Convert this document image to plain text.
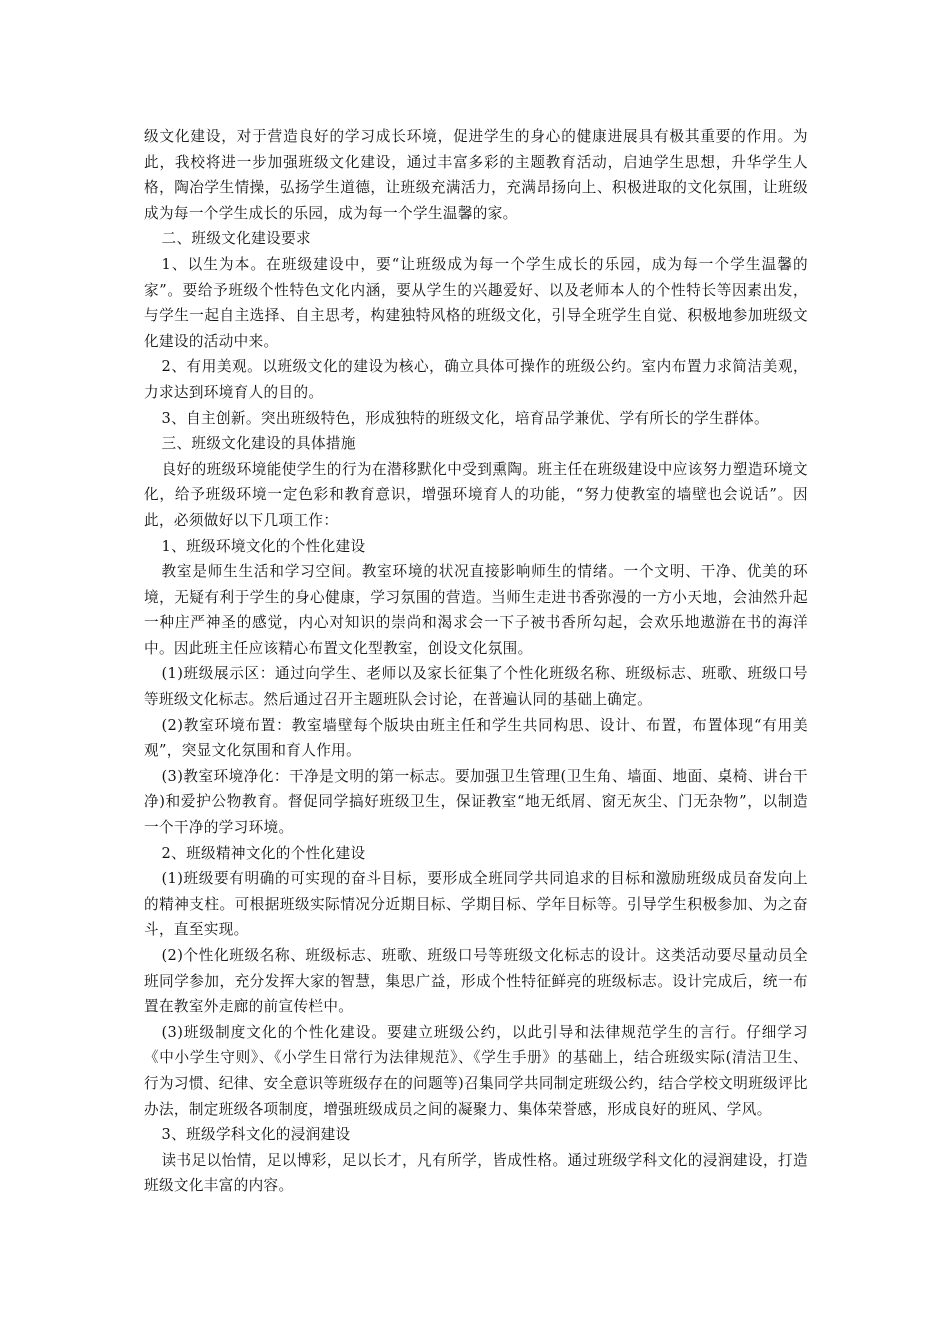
级文化建设，对于营造良好的学习成长环境，促进学生的身心的健康进展具有极其重要的作用。为此，我校将进一步加强班级文化建设，通过丰富多彩的主题教育活动，启迪学生思想，升华学生人格，陶冶学生情操，弘扬学生道德，让班级充满活力，充满昂扬向上、积极进取的文化氛围，让班级成为每一个学生成长的乐园，成为每一个学生温馨的家。

二、班级文化建设要求

1、以生为本。在班级建设中，要“让班级成为每一个学生成长的乐园，成为每一个学生温馨的家”。要给予班级个性特色文化内涵，要从学生的兴趣爱好、以及老师本人的个性特长等因素出发，与学生一起自主选择、自主思考，构建独特风格的班级文化，引导全班学生自觉、积极地参加班级文化建设的活动中来。

2、有用美观。以班级文化的建设为核心，确立具体可操作的班级公约。室内布置力求简洁美观，力求达到环境育人的目的。

3、自主创新。突出班级特色，形成独特的班级文化，培育品学兼优、学有所长的学生群体。

三、班级文化建设的具体措施

良好的班级环境能使学生的行为在潜移默化中受到熏陶。班主任在班级建设中应该努力塑造环境文化，给予班级环境一定色彩和教育意识，增强环境育人的功能，“努力使教室的墙壁也会说话”。因此，必须做好以下几项工作：

1、班级环境文化的个性化建设

教室是师生生活和学习空间。教室环境的状况直接影响师生的情绪。一个文明、干净、优美的环境，无疑有利于学生的身心健康，学习氛围的营造。当师生走进书香弥漫的一方小天地，会油然升起一种庄严神圣的感觉，内心对知识的崇尚和渴求会一下子被书香所勾起，会欢乐地遨游在书的海洋中。因此班主任应该精心布置文化型教室，创设文化氛围。

(1)班级展示区：通过向学生、老师以及家长征集了个性化班级名称、班级标志、班歌、班级口号等班级文化标志。然后通过召开主题班队会讨论，在普遍认同的基础上确定。

(2)教室环境布置：教室墙壁每个版块由班主任和学生共同构思、设计、布置，布置体现“有用美观”，突显文化氛围和育人作用。

(3)教室环境净化：干净是文明的第一标志。要加强卫生管理(卫生角、墙面、地面、桌椅、讲台干净)和爱护公物教育。督促同学搞好班级卫生，保证教室“地无纸屑、窗无灰尘、门无杂物”，以制造一个干净的学习环境。

2、班级精神文化的个性化建设

(1)班级要有明确的可实现的奋斗目标，要形成全班同学共同追求的目标和激励班级成员奋发向上的精神支柱。可根据班级实际情况分近期目标、学期目标、学年目标等。引导学生积极参加、为之奋斗，直至实现。

(2)个性化班级名称、班级标志、班歌、班级口号等班级文化标志的设计。这类活动要尽量动员全班同学参加，充分发挥大家的智慧，集思广益，形成个性特征鲜亮的班级标志。设计完成后，统一布置在教室外走廊的前宣传栏中。

(3)班级制度文化的个性化建设。要建立班级公约，以此引导和法律规范学生的言行。仔细学习《中小学生守则》、《小学生日常行为法律规范》、《学生手册》的基础上，结合班级实际(清洁卫生、行为习惯、纪律、安全意识等班级存在的问题等)召集同学共同制定班级公约，结合学校文明班级评比办法，制定班级各项制度，增强班级成员之间的凝聚力、集体荣誉感，形成良好的班风、学风。

3、班级学科文化的浸润建设

读书足以怡情，足以博彩，足以长才，凡有所学，皆成性格。通过班级学科文化的浸润建设，打造班级文化丰富的内容。
